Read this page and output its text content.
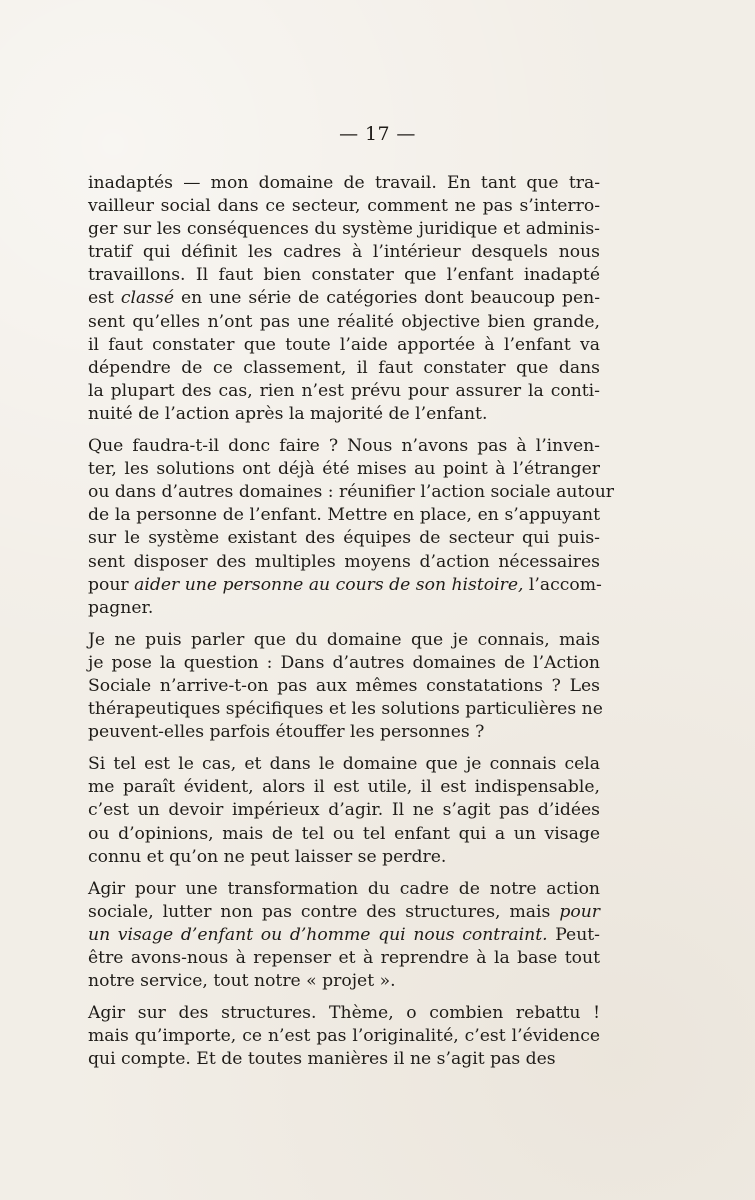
— 17 —
inadaptés — mon domaine de travail. En tant que tra-
vailleur social dans ce secteur, comment ne pas s’interro-
ger sur les conséquences du système juridique et adminis-
tratif qui définit les cadres à l’intérieur desquels nous
travaillons. Il faut bien constater que l’enfant inadapté
est classé en une série de catégories dont beaucoup pen-
sent qu’elles n’ont pas une réalité objective bien grande,
il faut constater que toute l’aide apportée à l’enfant va
dépendre de ce classement, il faut constater que dans
la plupart des cas, rien n’est prévu pour assurer la conti-
nuité de l’action après la majorité de l’enfant.
Que faudra-t-il donc faire ? Nous n’avons pas à l’inven-
ter, les solutions ont déjà été mises au point à l’étranger
ou dans d’autres domaines : réunifier l’action sociale autour
de la personne de l’enfant. Mettre en place, en s’appuyant
sur le système existant des équipes de secteur qui puis-
sent disposer des multiples moyens d’action nécessaires
pour aider une personne au cours de son histoire, l’accom-
pagner.
Je ne puis parler que du domaine que je connais, mais
je pose la question : Dans d’autres domaines de l’Action
Sociale n’arrive-t-on pas aux mêmes constatations ? Les
thérapeutiques spécifiques et les solutions particulières ne
peuvent-elles parfois étouffer les personnes ?
Si tel est le cas, et dans le domaine que je connais cela
me paraît évident, alors il est utile, il est indispensable,
c’est un devoir impérieux d’agir. Il ne s’agit pas d’idées
ou d’opinions, mais de tel ou tel enfant qui a un visage
connu et qu’on ne peut laisser se perdre.
Agir pour une transformation du cadre de notre action
sociale, lutter non pas contre des structures, mais pour
un visage d’enfant ou d’homme qui nous contraint. Peut-
être avons-nous à repenser et à reprendre à la base tout
notre service, tout notre « projet ».
Agir sur des structures. Thème, o combien rebattu !
mais qu’importe, ce n’est pas l’originalité, c’est l’évidence
qui compte. Et de toutes manières il ne s’agit pas des
